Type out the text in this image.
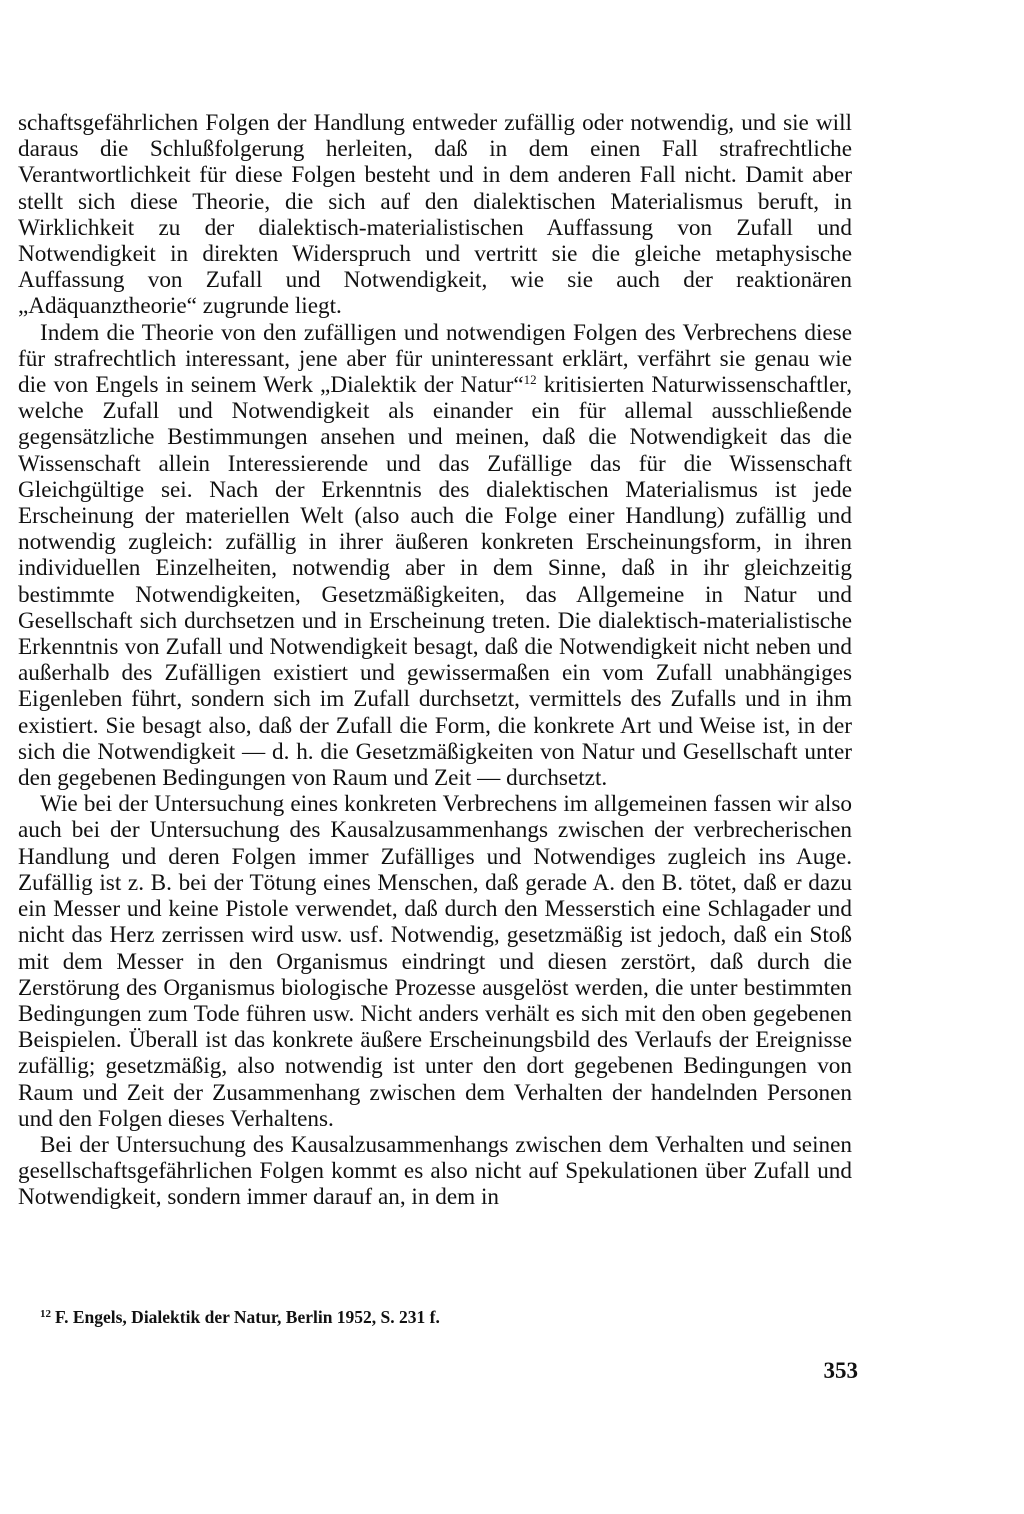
schaftsgefährlichen Folgen der Handlung entweder zufällig oder notwendig, und sie will daraus die Schlußfolgerung herleiten, daß in dem einen Fall strafrechtliche Verantwortlichkeit für diese Folgen besteht und in dem anderen Fall nicht. Damit aber stellt sich diese Theorie, die sich auf den dialektischen Materialismus beruft, in Wirklichkeit zu der dialektisch-materialistischen Auffassung von Zufall und Notwendigkeit in direkten Widerspruch und vertritt sie die gleiche metaphysische Auffassung von Zufall und Notwendigkeit, wie sie auch der reaktionären „Adäquanztheorie“ zugrunde liegt.

Indem die Theorie von den zufälligen und notwendigen Folgen des Verbrechens diese für strafrechtlich interessant, jene aber für uninteressant erklärt, verfährt sie genau wie die von Engels in seinem Werk „Dialektik der Natur“$^{12}$ kritisierten Naturwissenschaftler, welche Zufall und Notwendigkeit als einander ein für allemal ausschließende gegensätzliche Bestimmungen ansehen und meinen, daß die Notwendigkeit das die Wissenschaft allein Interessierende und das Zufällige das für die Wissenschaft Gleichgültige sei. Nach der Erkenntnis des dialektischen Materialismus ist jede Erscheinung der materiellen Welt (also auch die Folge einer Handlung) zufällig und notwendig zugleich: zufällig in ihrer äußeren konkreten Erscheinungsform, in ihren individuellen Einzelheiten, notwendig aber in dem Sinne, daß in ihr gleichzeitig bestimmte Notwendigkeiten, Gesetzmäßigkeiten, das Allgemeine in Natur und Gesellschaft sich durchsetzen und in Erscheinung treten. Die dialektisch-materialistische Erkenntnis von Zufall und Notwendigkeit besagt, daß die Notwendigkeit nicht neben und außerhalb des Zufälligen existiert und gewissermaßen ein vom Zufall unabhängiges Eigenleben führt, sondern sich im Zufall durchsetzt, vermittels des Zufalls und in ihm existiert. Sie besagt also, daß der Zufall die Form, die konkrete Art und Weise ist, in der sich die Notwendigkeit — d. h. die Gesetzmäßigkeiten von Natur und Gesellschaft unter den gegebenen Bedingungen von Raum und Zeit — durchsetzt.

Wie bei der Untersuchung eines konkreten Verbrechens im allgemeinen fassen wir also auch bei der Untersuchung des Kausalzusammenhangs zwischen der verbrecherischen Handlung und deren Folgen immer Zufälliges und Notwendiges zugleich ins Auge. Zufällig ist z. B. bei der Tötung eines Menschen, daß gerade A. den B. tötet, daß er dazu ein Messer und keine Pistole verwendet, daß durch den Messerstich eine Schlagader und nicht das Herz zerrissen wird usw. usf. Notwendig, gesetzmäßig ist jedoch, daß ein Stoß mit dem Messer in den Organismus eindringt und diesen zerstört, daß durch die Zerstörung des Organismus biologische Prozesse ausgelöst werden, die unter bestimmten Bedingungen zum Tode führen usw. Nicht anders verhält es sich mit den oben gegebenen Beispielen. Überall ist das konkrete äußere Erscheinungsbild des Verlaufs der Ereignisse zufällig; gesetzmäßig, also notwendig ist unter den dort gegebenen Bedingungen von Raum und Zeit der Zusammenhang zwischen dem Verhalten der handelnden Personen und den Folgen dieses Verhaltens.

Bei der Untersuchung des Kausalzusammenhangs zwischen dem Verhalten und seinen gesellschaftsgefährlichen Folgen kommt es also nicht auf Spekulationen über Zufall und Notwendigkeit, sondern immer darauf an, in dem in

$^{12}$ F. Engels, Dialektik der Natur, Berlin 1952, S. 231 f.
353
